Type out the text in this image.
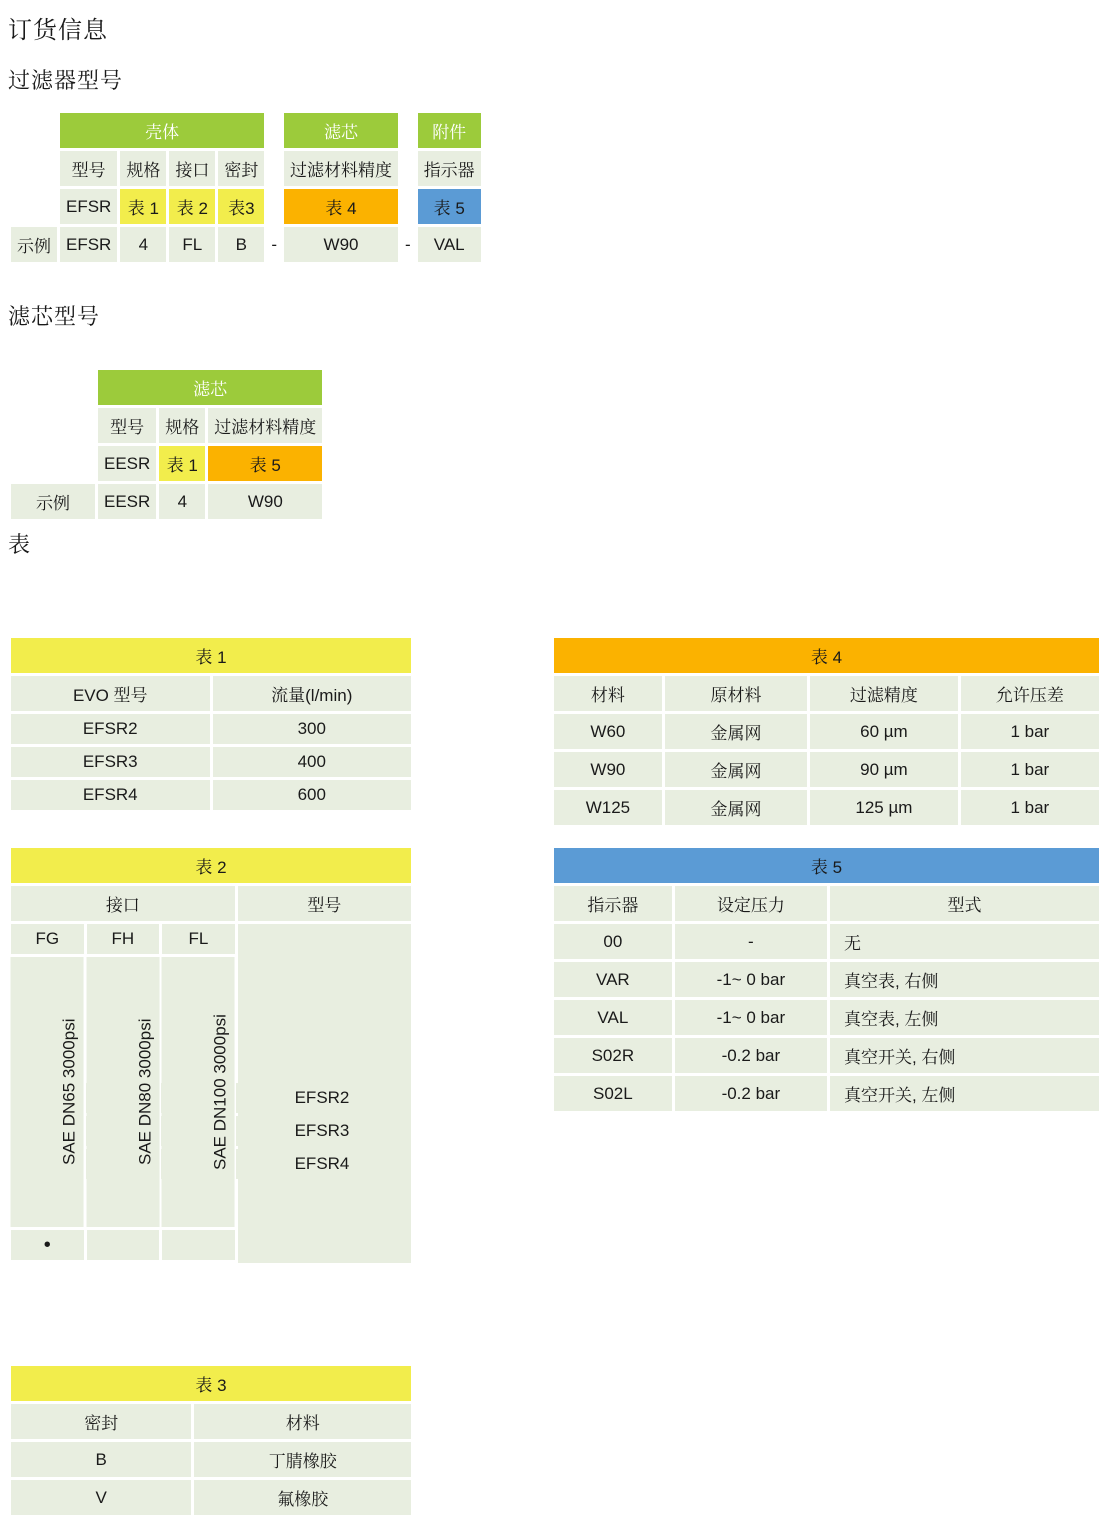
订货信息
过滤器型号
滤芯型号
表
	壳体					滤芯		附件
	型号	规格	接口	密封		过滤材料精度		指示器
	EFSR	表 1	表 2	表3		表 4		表 5
示例	EFSR	4	FL	B	-	W90	-	VAL
	滤芯		
	型号	规格	过滤材料精度
	EESR	表 1	表 5
示例	EESR	4	W90
表 1	
EVO 型号	流量(l/min)
EFSR2	300
EFSR3	400
EFSR4	600
表 2			
接口			型号
FG	FH	FL	
SAE DN65 3000psi	SAE DN80 3000psi	SAE DN100 3000psi	
•			

			EFSR2
			EFSR3
			EFSR4
表 3	
密封	材料
B	丁腈橡胶
V	氟橡胶
表 4			
材料	原材料	过滤精度	允许压差
W60	金属网	60 µm	1 bar
W90	金属网	90 µm	1 bar
W125	金属网	125 µm	1 bar
表 5		
指示器	设定压力	型式
00	-	无
VAR	-1~ 0 bar	真空表, 右侧
VAL	-1~ 0 bar	真空表, 左侧
S02R	-0.2 bar	真空开关, 右侧
S02L	-0.2 bar	真空开关, 左侧
